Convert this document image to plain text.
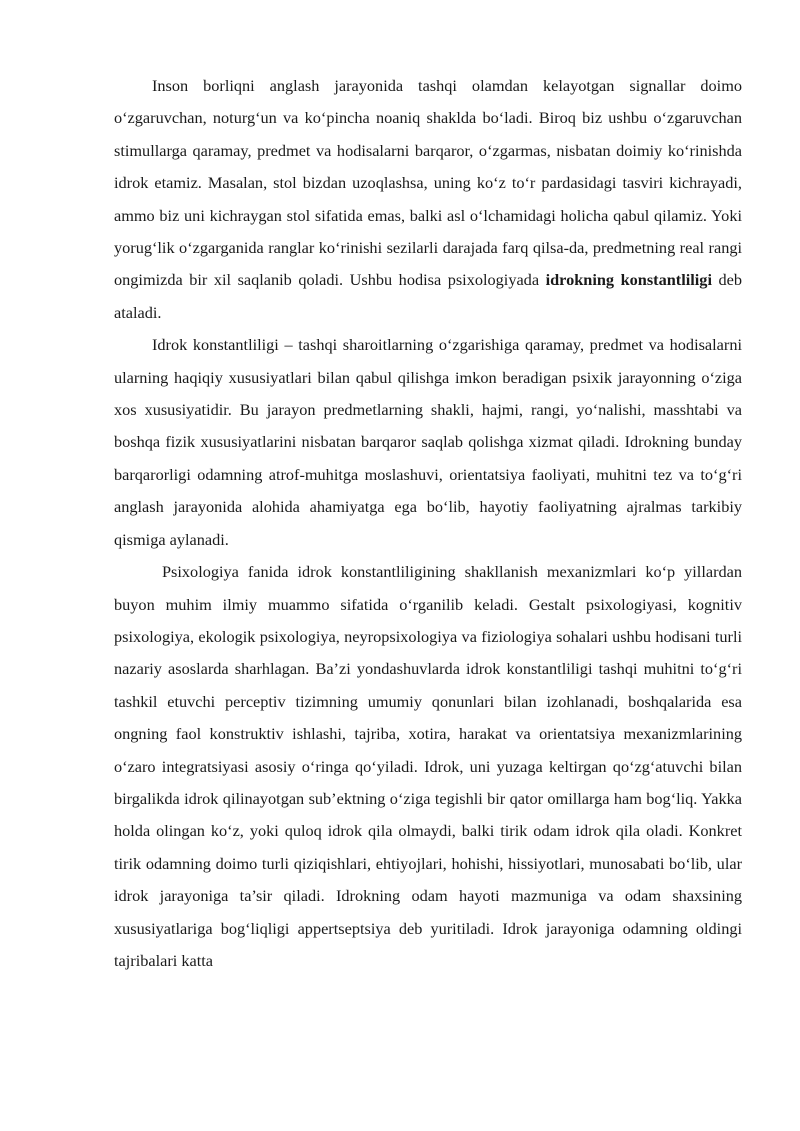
Inson borliqni anglash jarayonida tashqi olamdan kelayotgan signallar doimo o‘zgaruvchan, noturg‘un va ko‘pincha noaniq shaklda bo‘ladi. Biroq biz ushbu o‘zgaruvchan stimullarga qaramay, predmet va hodisalarni barqaror, o‘zgarmas, nisbatan doimiy ko‘rinishda idrok etamiz. Masalan, stol bizdan uzoqlashsa, uning ko‘z to‘r pardasidagi tasviri kichrayadi, ammo biz uni kichraygan stol sifatida emas, balki asl o‘lchamidagi holicha qabul qilamiz. Yoki yorug‘lik o‘zgarganida ranglar ko‘rinishi sezilarli darajada farq qilsa-da, predmetning real rangi ongimizda bir xil saqlanib qoladi. Ushbu hodisa psixologiyada idrokning konstantliligi deb ataladi.

Idrok konstantliligi – tashqi sharoitlarning o‘zgarishiga qaramay, predmet va hodisalarni ularning haqiqiy xususiyatlari bilan qabul qilishga imkon beradigan psixik jarayonning o‘ziga xos xususiyatidir. Bu jarayon predmetlarning shakli, hajmi, rangi, yo‘nalishi, masshtabi va boshqa fizik xususiyatlarini nisbatan barqaror saqlab qolishga xizmat qiladi. Idrokning bunday barqarorligi odamning atrof-muhitga moslashuvi, orientatsiya faoliyati, muhitni tez va to‘g‘ri anglash jarayonida alohida ahamiyatga ega bo‘lib, hayotiy faoliyatning ajralmas tarkibiy qismiga aylanadi.

Psixologiya fanida idrok konstantliligining shakllanish mexanizmlari ko‘p yillardan buyon muhim ilmiy muammo sifatida o‘rganilib keladi. Gestalt psixologiyasi, kognitiv psixologiya, ekologik psixologiya, neyropsixologiya va fiziologiya sohalari ushbu hodisani turli nazariy asoslarda sharhlagan. Ba’zi yondashuvlarda idrok konstantliligi tashqi muhitni to‘g‘ri tashkil etuvchi perceptiv tizimning umumiy qonunlari bilan izohlanadi, boshqalarida esa ongning faol konstruktiv ishlashi, tajriba, xotira, harakat va orientatsiya mexanizmlarining o‘zaro integratsiyasi asosiy o‘ringa qo‘yiladi. Idrok, uni yuzaga keltirgan qo‘zg‘atuvchi bilan birgalikda idrok qilinayotgan sub’ektning o‘ziga tegishli bir qator omillarga ham bog‘liq. Yakka holda olingan ko‘z, yoki quloq idrok qila olmaydi, balki tirik odam idrok qila oladi. Konkret tirik odamning doimo turli qiziqishlari, ehtiyojlari, hohishi, hissiyotlari, munosabati bo‘lib, ular idrok jarayoniga ta’sir qiladi. Idrokning odam hayoti mazmuniga va odam shaxsining xususiyatlariga bog‘liqligi appertseptsiya deb yuritiladi. Idrok jarayoniga odamning oldingi tajribalari katta
